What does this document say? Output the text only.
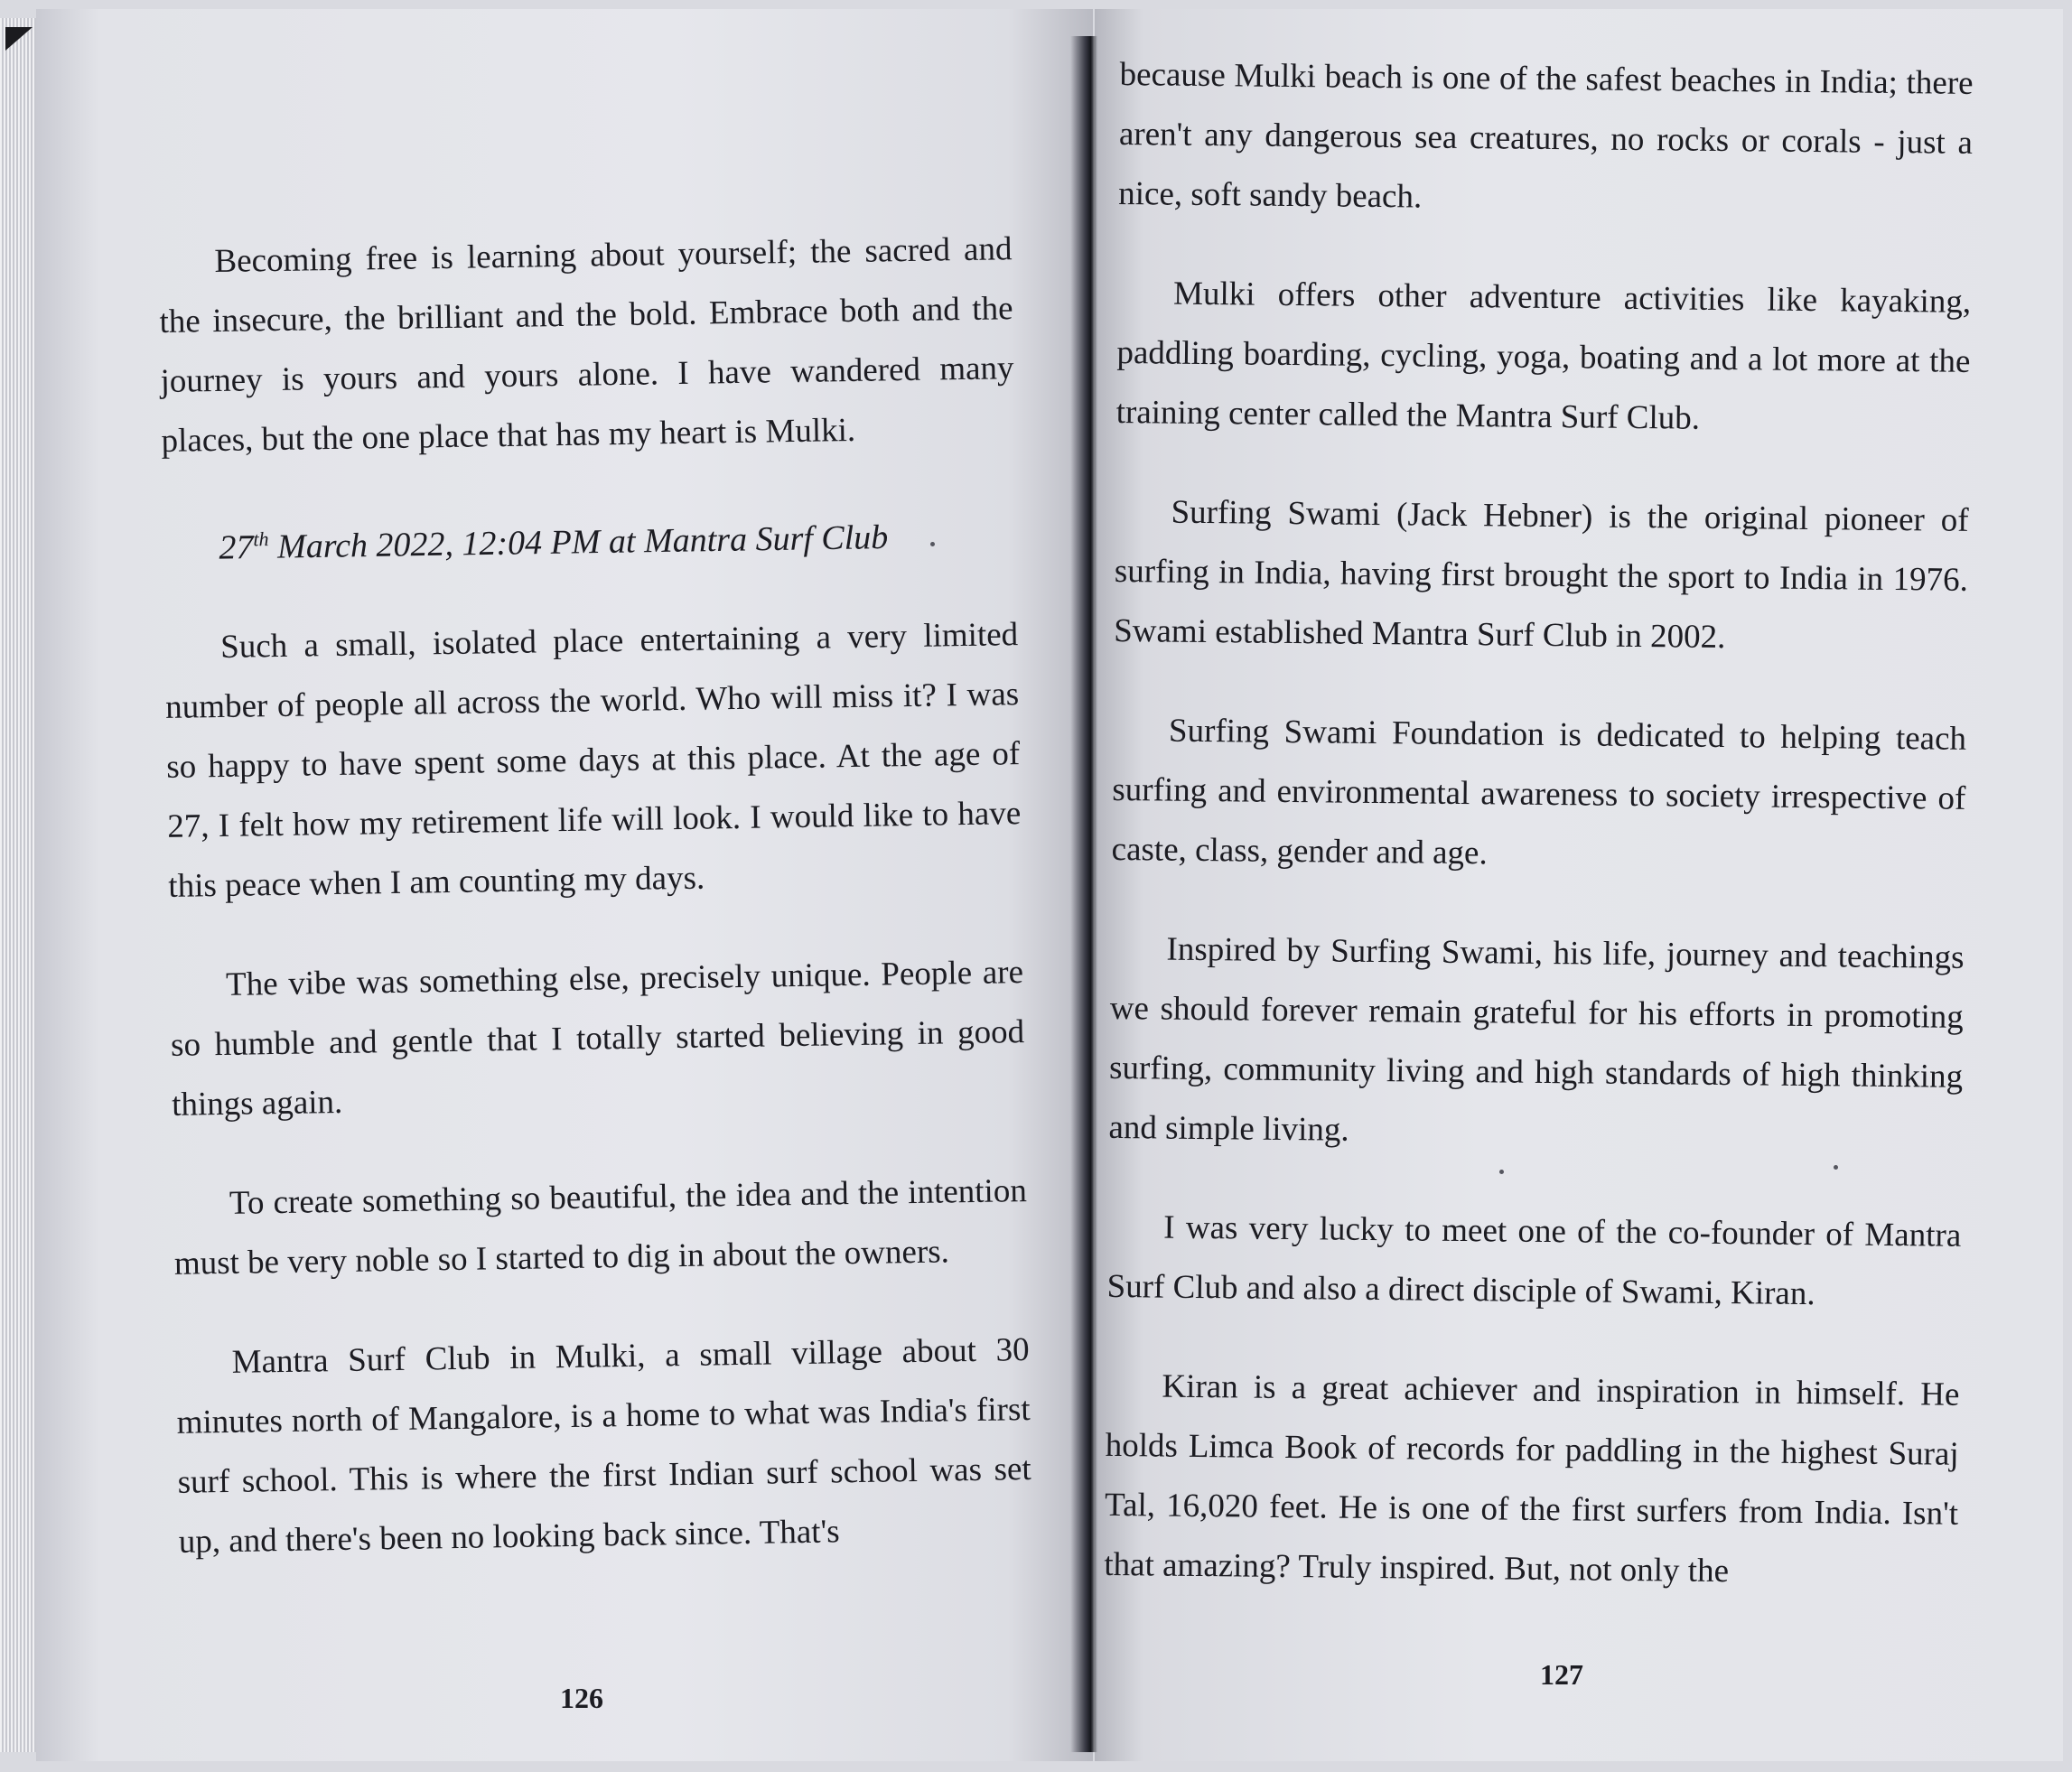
Becoming free is learning about yourself; the sacred and the insecure, the brilliant and the bold. Embrace both and the journey is yours and yours alone. I have wandered many places, but the one place that has my heart is Mulki.

27th March 2022, 12:04 PM at Mantra Surf Club

Such a small, isolated place entertaining a very limited number of people all across the world. Who will miss it? I was so happy to have spent some days at this place. At the age of 27, I felt how my retirement life will look. I would like to have this peace when I am counting my days.

The vibe was something else, precisely unique. People are so humble and gentle that I totally started believing in good things again.

To create something so beautiful, the idea and the intention must be very noble so I started to dig in about the owners.

Mantra Surf Club in Mulki, a small village about 30 minutes north of Mangalore, is a home to what was India's first surf school. This is where the first Indian surf school was set up, and there's been no looking back since. That's

because Mulki beach is one of the safest beaches in India; there aren't any dangerous sea creatures, no rocks or corals - just a nice, soft sandy beach.

Mulki offers other adventure activities like kayaking, paddling boarding, cycling, yoga, boating and a lot more at the training center called the Mantra Surf Club.

Surfing Swami (Jack Hebner) is the original pioneer of surfing in India, having first brought the sport to India in 1976. Swami established Mantra Surf Club in 2002.

Surfing Swami Foundation is dedicated to helping teach surfing and environmental awareness to society irrespective of caste, class, gender and age.

Inspired by Surfing Swami, his life, journey and teachings we should forever remain grateful for his efforts in promoting surfing, community living and high standards of high thinking and simple living.

I was very lucky to meet one of the co-founder of Mantra Surf Club and also a direct disciple of Swami, Kiran.

Kiran is a great achiever and inspiration in himself. He holds Limca Book of records for paddling in the highest Suraj Tal, 16,020 feet. He is one of the first surfers from India. Isn't that amazing? Truly inspired. But, not only the

126
127
